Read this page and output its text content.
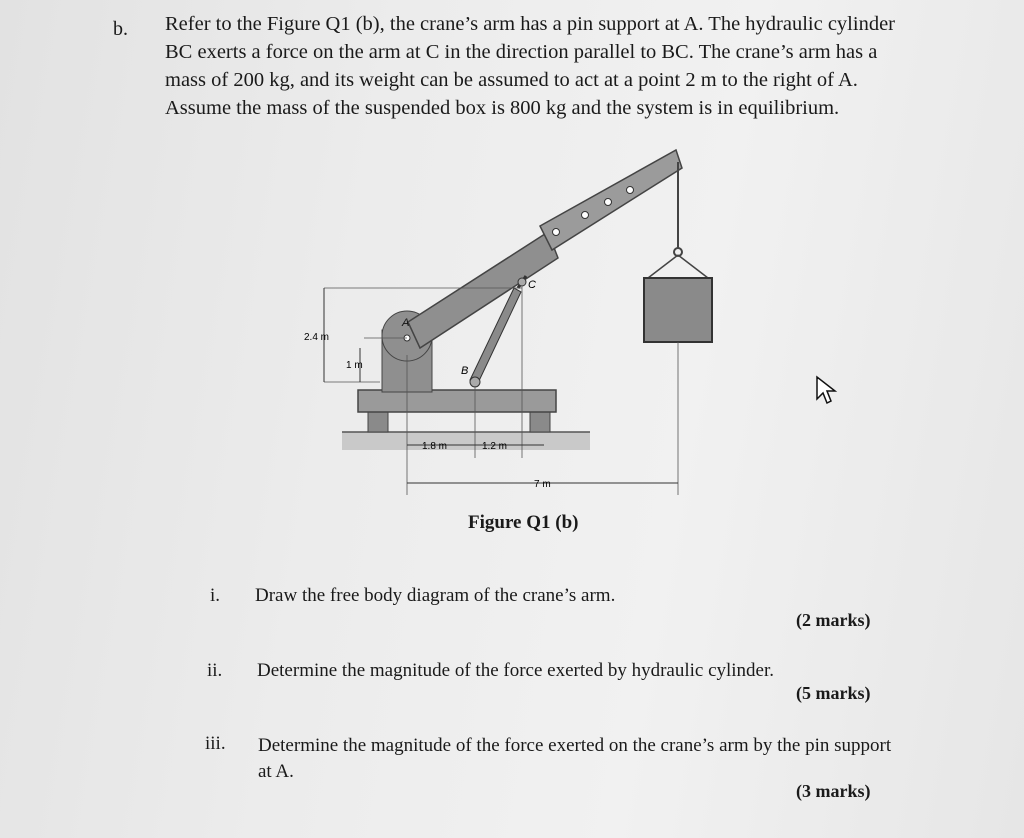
b. Refer to the Figure Q1 (b), the crane’s arm has a pin support at A. The hydraulic cylinder BC exerts a force on the arm at C in the direction parallel to BC. The crane’s arm has a mass of 200 kg, and its weight can be assumed to act at a point 2 m to the right of A. Assume the mass of the suspended box is 800 kg and the system is in equilibrium.

2.4 m
1 m
1.8 m	1.2 m
7 m
A
B
C
Figure Q1 (b)
i. Draw the free body diagram of the crane’s arm.
(2 marks)
ii. Determine the magnitude of the force exerted by hydraulic cylinder.
(5 marks)
iii. Determine the magnitude of the force exerted on the crane’s arm by the pin support at A.
(3 marks)
